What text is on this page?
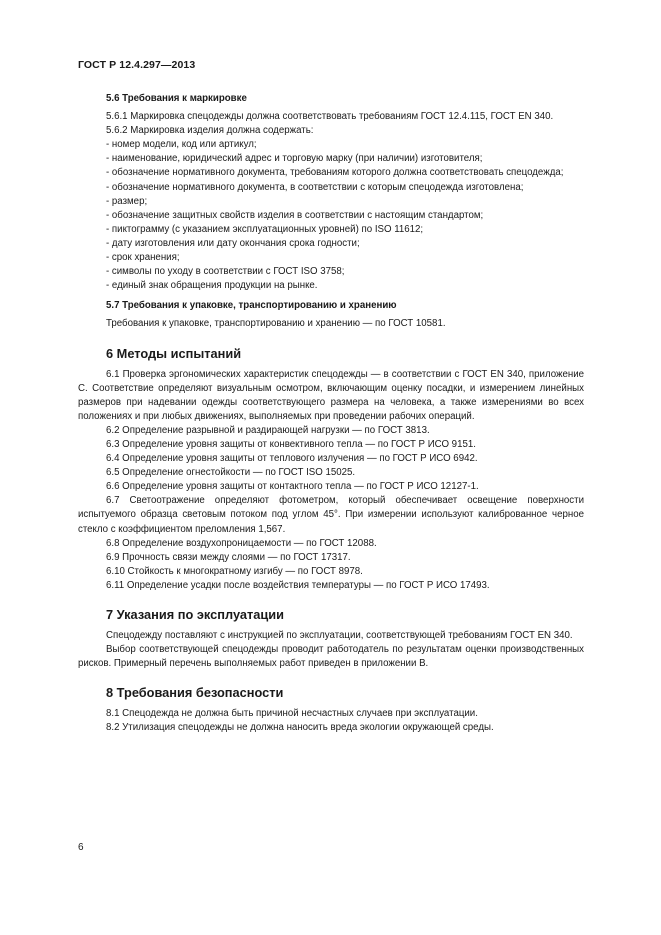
ГОСТ Р 12.4.297—2013
5.6 Требования к маркировке

5.6.1 Маркировка спецодежды должна соответствовать требованиям ГОСТ 12.4.115, ГОСТ EN 340.

5.6.2 Маркировка изделия должна содержать:

- номер модели, код или артикул;

- наименование, юридический адрес и торговую марку (при наличии) изготовителя;

- обозначение нормативного документа, требованиям которого должна соответствовать спецодежда;

- обозначение нормативного документа, в соответствии с которым спецодежда изготовлена;

- размер;

- обозначение защитных свойств изделия в соответствии с настоящим стандартом;

- пиктограмму (с указанием эксплуатационных уровней) по ISO 11612;

- дату изготовления или дату окончания срока годности;

- срок хранения;

- символы по уходу в соответствии с ГОСТ ISO 3758;

- единый знак обращения продукции на рынке.

5.7 Требования к упаковке, транспортированию и хранению

Требования к упаковке, транспортированию и хранению — по ГОСТ 10581.

6 Методы испытаний

6.1 Проверка эргономических характеристик спецодежды — в соответствии с ГОСТ EN 340, приложение С. Соответствие определяют визуальным осмотром, включающим оценку посадки, и измерением линейных размеров при надевании одежды соответствующего размера на человека, а также измерениями во всех положениях и при любых движениях, выполняемых при проведении рабочих операций.

6.2 Определение разрывной и раздирающей нагрузки — по ГОСТ 3813.

6.3 Определение уровня защиты от конвективного тепла — по ГОСТ Р ИСО 9151.

6.4 Определение уровня защиты от теплового излучения — по ГОСТ Р ИСО 6942.

6.5 Определение огнестойкости — по ГОСТ ISO 15025.

6.6 Определение уровня защиты от контактного тепла — по ГОСТ Р ИСО 12127-1.

6.7 Светоотражение определяют фотометром, который обеспечивает освещение поверхности испытуемого образца световым потоком под углом 45°. При измерении используют калиброванное черное стекло с коэффициентом преломления 1,567.

6.8 Определение воздухопроницаемости — по ГОСТ 12088.

6.9 Прочность связи между слоями — по ГОСТ 17317.

6.10 Стойкость к многократному изгибу — по ГОСТ 8978.

6.11 Определение усадки после воздействия температуры — по ГОСТ Р ИСО 17493.

7 Указания по эксплуатации

Спецодежду поставляют с инструкцией по эксплуатации, соответствующей требованиям ГОСТ EN 340.

Выбор соответствующей спецодежды проводит работодатель по результатам оценки производственных рисков. Примерный перечень выполняемых работ приведен в приложении В.

8 Требования безопасности

8.1 Спецодежда не должна быть причиной несчастных случаев при эксплуатации.

8.2 Утилизация спецодежды не должна наносить вреда экологии окружающей среды.

6
